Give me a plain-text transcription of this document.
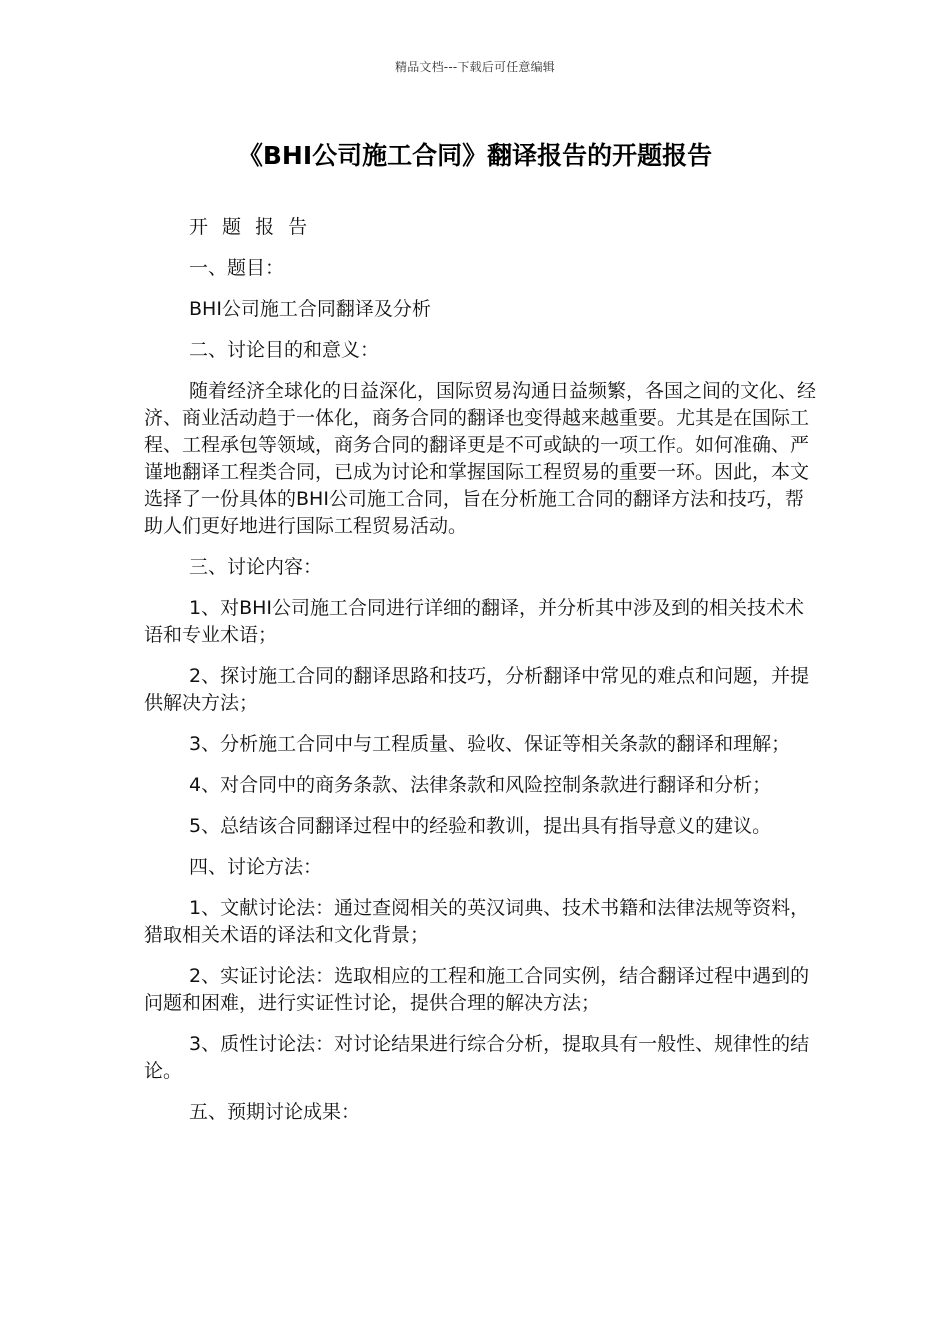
精品文档---下载后可任意编辑
《BHI公司施工合同》翻译报告的开题报告

开 题 报 告

一、题目：

BHI公司施工合同翻译及分析

二、讨论目的和意义：

随着经济全球化的日益深化，国际贸易沟通日益频繁，各国之间的文化、经济、商业活动趋于一体化，商务合同的翻译也变得越来越重要。尤其是在国际工程、工程承包等领域，商务合同的翻译更是不可或缺的一项工作。如何准确、严谨地翻译工程类合同，已成为讨论和掌握国际工程贸易的重要一环。因此，本文选择了一份具体的BHI公司施工合同，旨在分析施工合同的翻译方法和技巧，帮助人们更好地进行国际工程贸易活动。

三、讨论内容：

1、对BHI公司施工合同进行详细的翻译，并分析其中涉及到的相关技术术语和专业术语；

2、探讨施工合同的翻译思路和技巧，分析翻译中常见的难点和问题，并提供解决方法；

3、分析施工合同中与工程质量、验收、保证等相关条款的翻译和理解；

4、对合同中的商务条款、法律条款和风险控制条款进行翻译和分析；

5、总结该合同翻译过程中的经验和教训，提出具有指导意义的建议。

四、讨论方法：

1、文献讨论法：通过查阅相关的英汉词典、技术书籍和法律法规等资料，猎取相关术语的译法和文化背景；

2、实证讨论法：选取相应的工程和施工合同实例，结合翻译过程中遇到的问题和困难，进行实证性讨论，提供合理的解决方法；

3、质性讨论法：对讨论结果进行综合分析，提取具有一般性、规律性的结论。

五、预期讨论成果：
